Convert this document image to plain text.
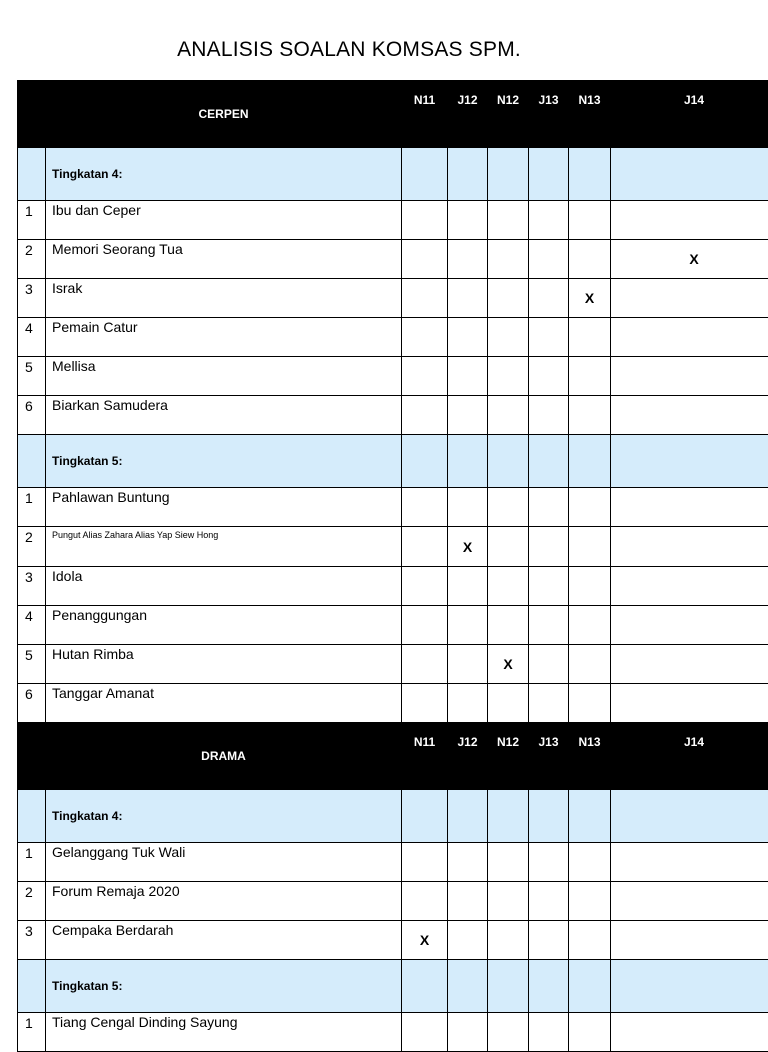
ANALISIS SOALAN KOMSAS SPM.
	CERPEN	N11	J12	N12	J13	N13	J14
	Tingkatan 4:						
1	Ibu dan Ceper						
2	Memori Seorang Tua						X
3	Israk					X	
4	Pemain Catur						
5	Mellisa						
6	Biarkan Samudera						
	Tingkatan 5:						
1	Pahlawan Buntung						
2	Pungut Alias Zahara Alias Yap Siew Hong		X				
3	Idola						
4	Penanggungan						
5	Hutan Rimba			X			
6	Tanggar Amanat						
	DRAMA	N11	J12	N12	J13	N13	J14
	Tingkatan 4:						
1	Gelanggang Tuk Wali						
2	Forum Remaja 2020						
3	Cempaka Berdarah	X					
	Tingkatan 5:						
1	Tiang Cengal Dinding Sayung						
